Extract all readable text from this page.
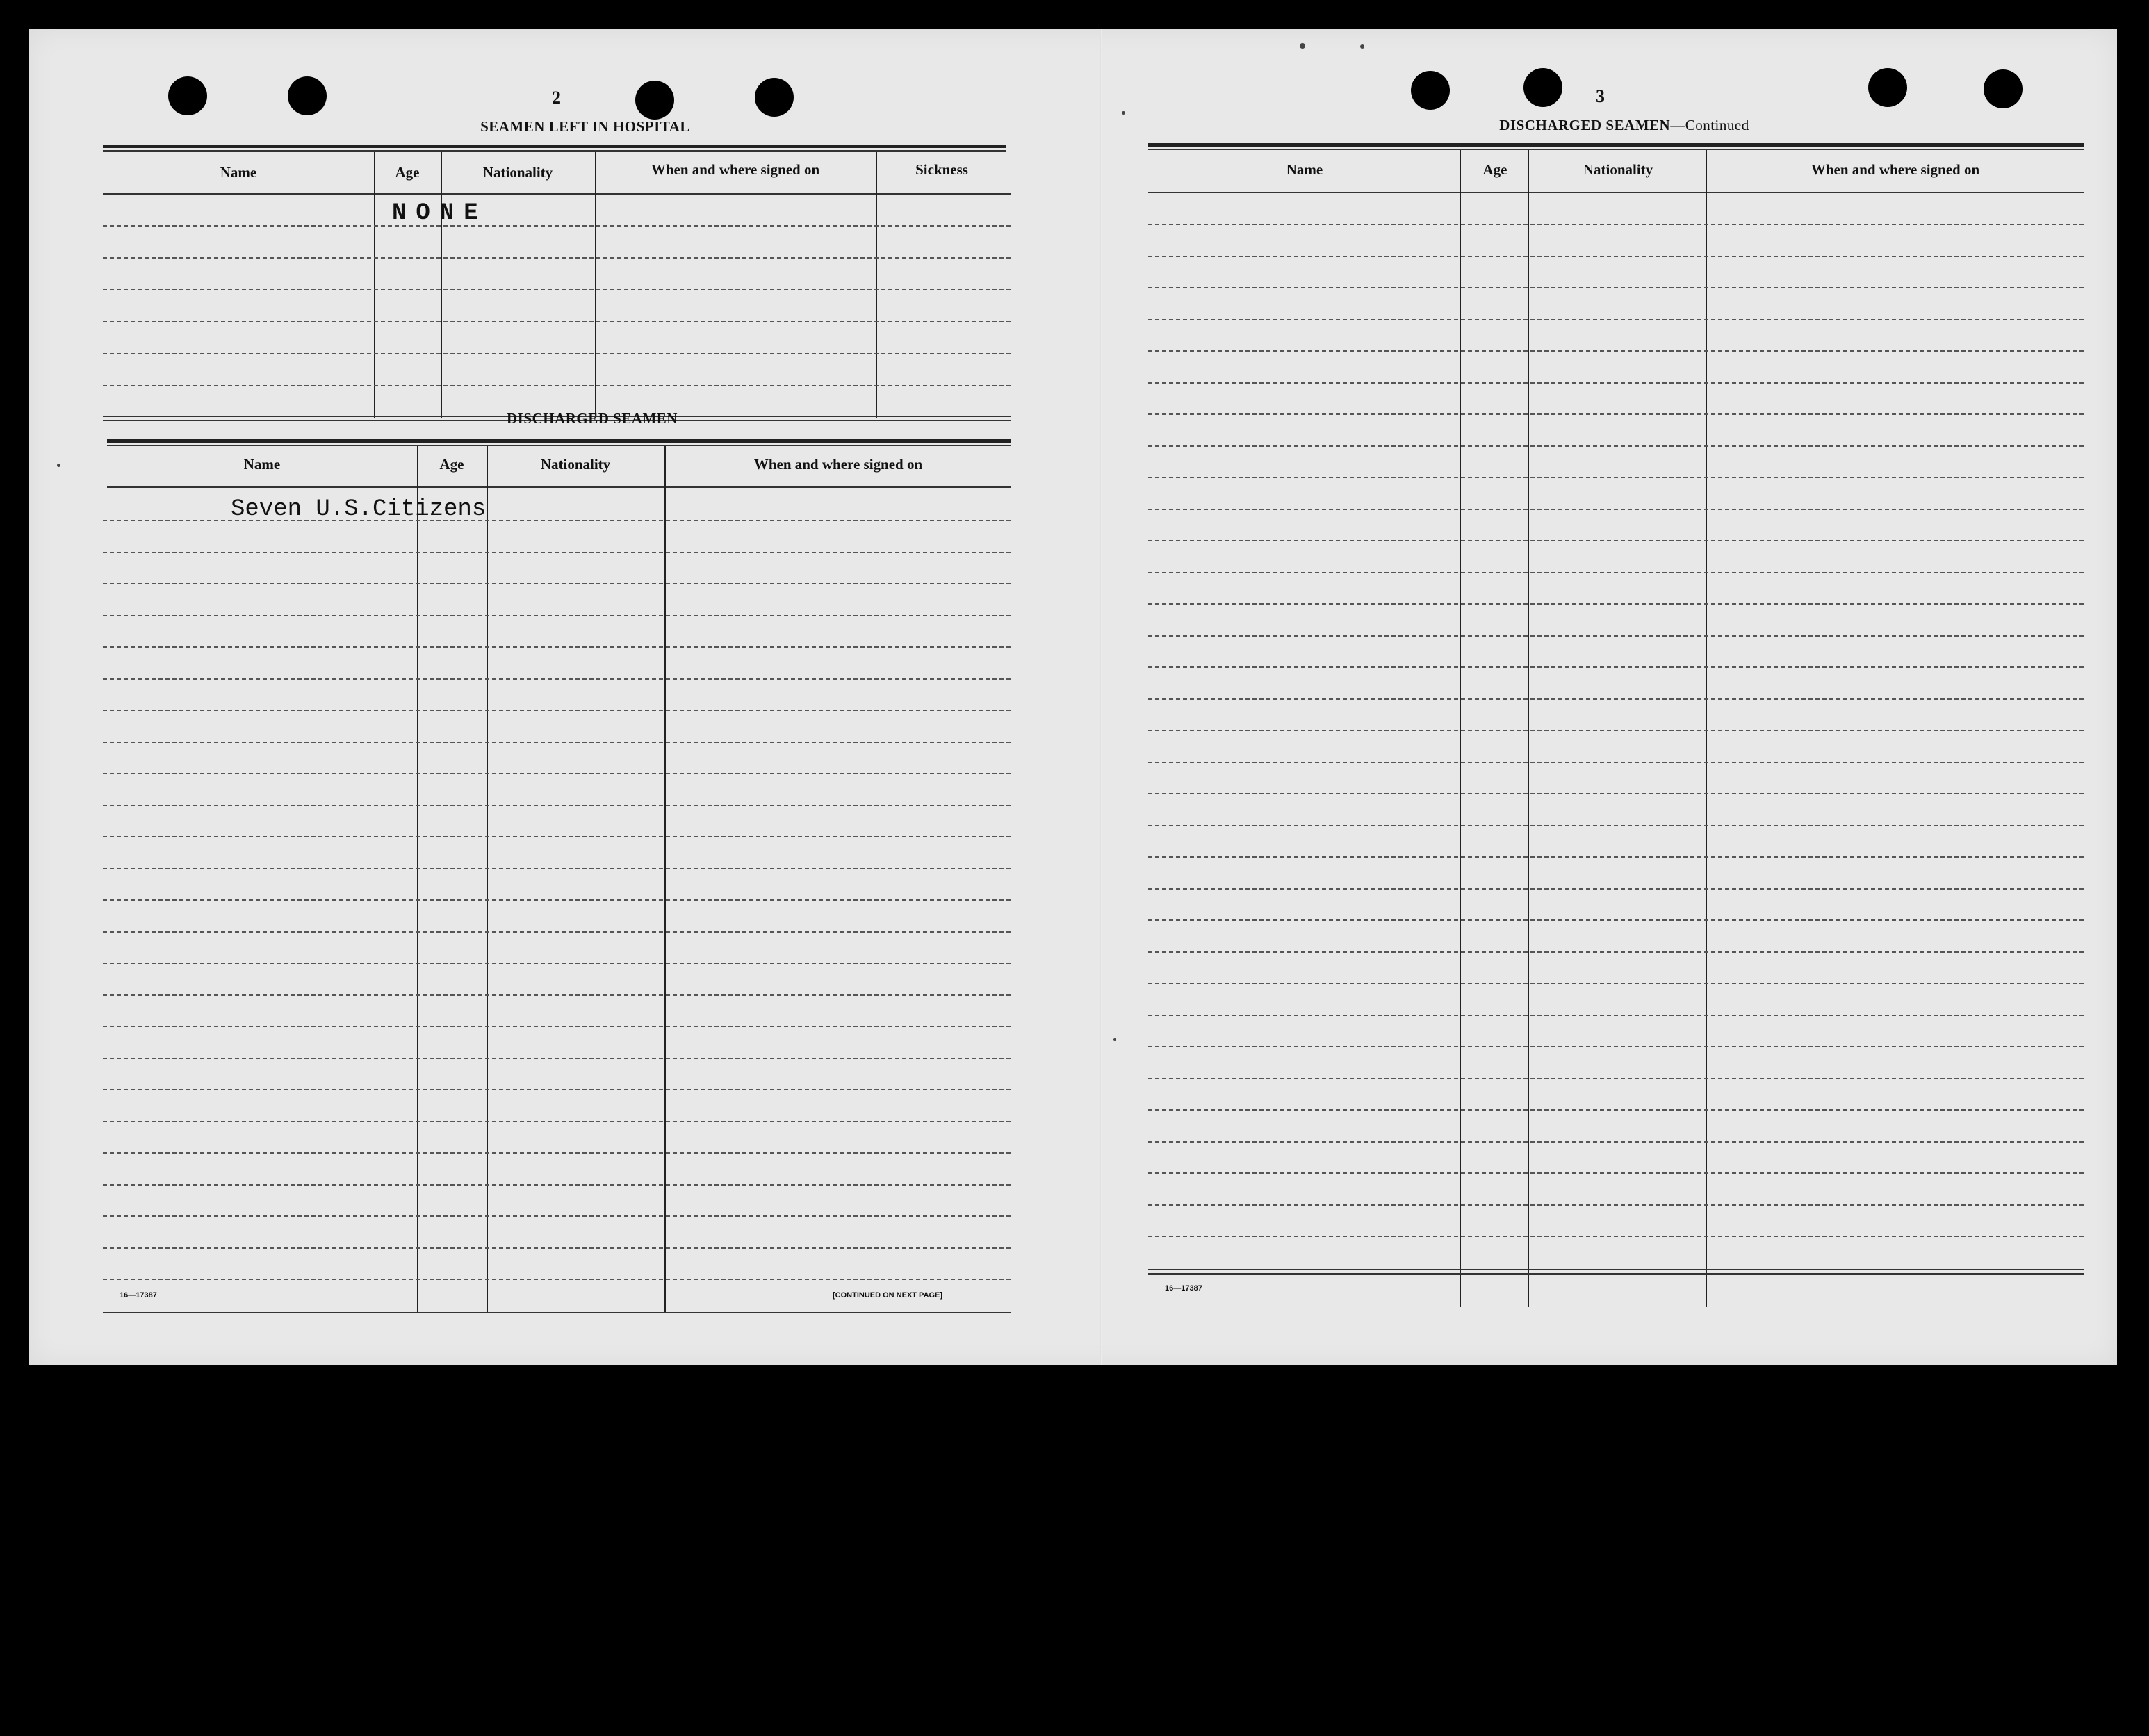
2
SEAMEN LEFT IN HOSPITAL
Name	Age	Nationality	When and where signed on	Sickness
NONE
DISCHARGED SEAMEN
Name	Age	Nationality	When and where signed on
Seven U.S.Citizens
16—17387	[CONTINUED ON NEXT PAGE]
3
DISCHARGED SEAMEN—Continued
Name	Age	Nationality	When and where signed on
16—17387
